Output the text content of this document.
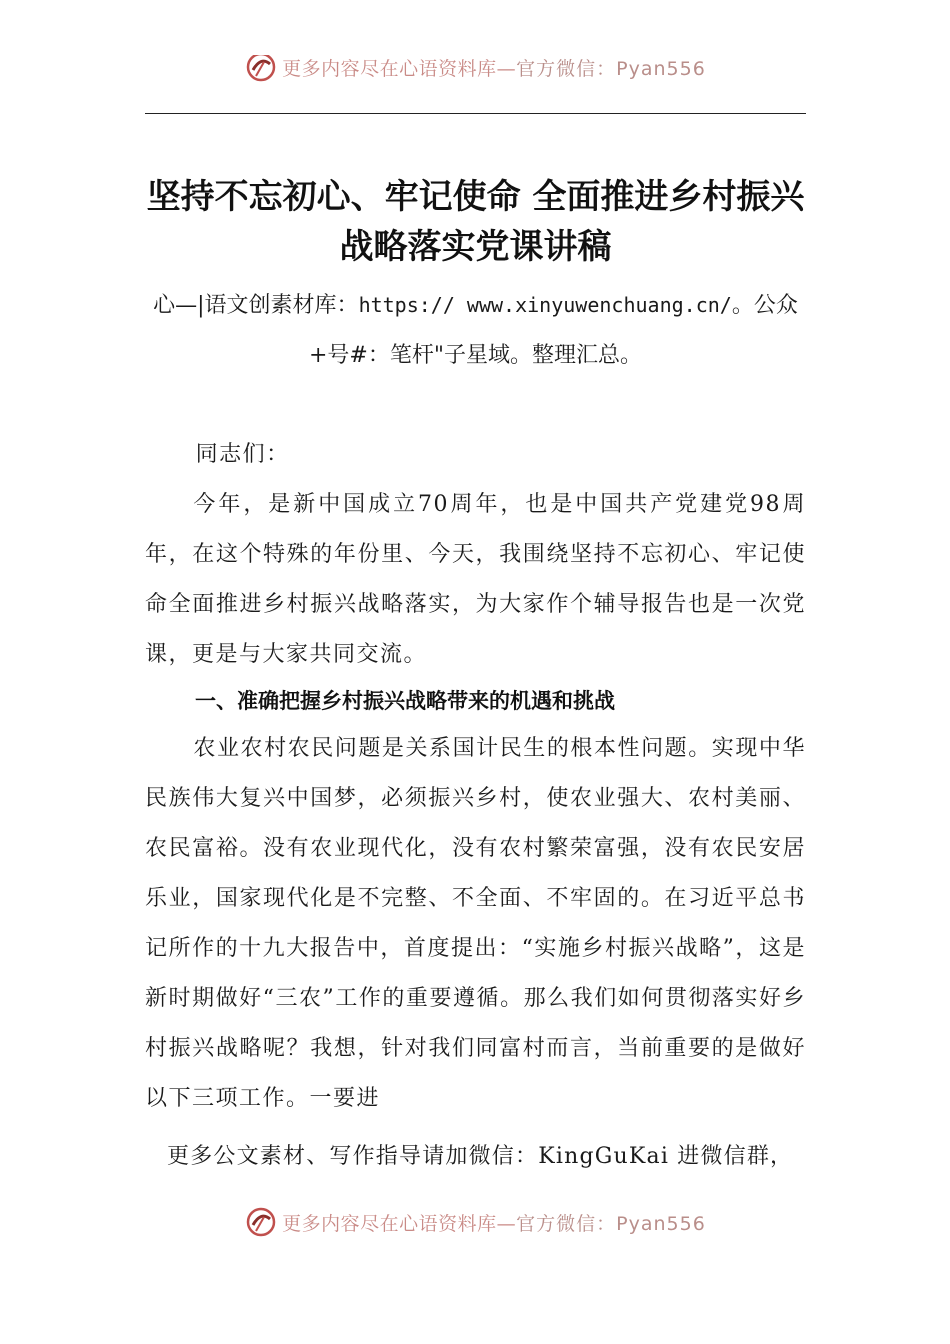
更多内容尽在心语资料库— 官方微信：Pyan556
坚持不忘初心、牢记使命 全面推进乡村振兴战略落实党课讲稿

心—|语文创素材库：https:// www.xinyuwenchuang.cn/。公众+号#：笔杆"子星域。整理汇总。

同志们：

今年，是新中国成立70周年，也是中国共产党建党98周年，在这个特殊的年份里、今天，我围绕坚持不忘初心、牢记使命全面推进乡村振兴战略落实，为大家作个辅导报告也是一次党课，更是与大家共同交流。

一、准确把握乡村振兴战略带来的机遇和挑战

农业农村农民问题是关系国计民生的根本性问题。实现中华民族伟大复兴中国梦，必须振兴乡村，使农业强大、农村美丽、农民富裕。没有农业现代化，没有农村繁荣富强，没有农民安居乐业，国家现代化是不完整、不全面、不牢固的。在习近平总书记所作的十九大报告中，首度提出：“实施乡村振兴战略”，这是新时期做好“三农”工作的重要遵循。那么我们如何贯彻落实好乡村振兴战略呢？我想，针对我们同富村而言，当前重要的是做好以下三项工作。一要进

更多公文素材、写作指导请加微信：KingGuKai 进微信群，

更多内容尽在心语资料库— 官方微信：Pyan556
